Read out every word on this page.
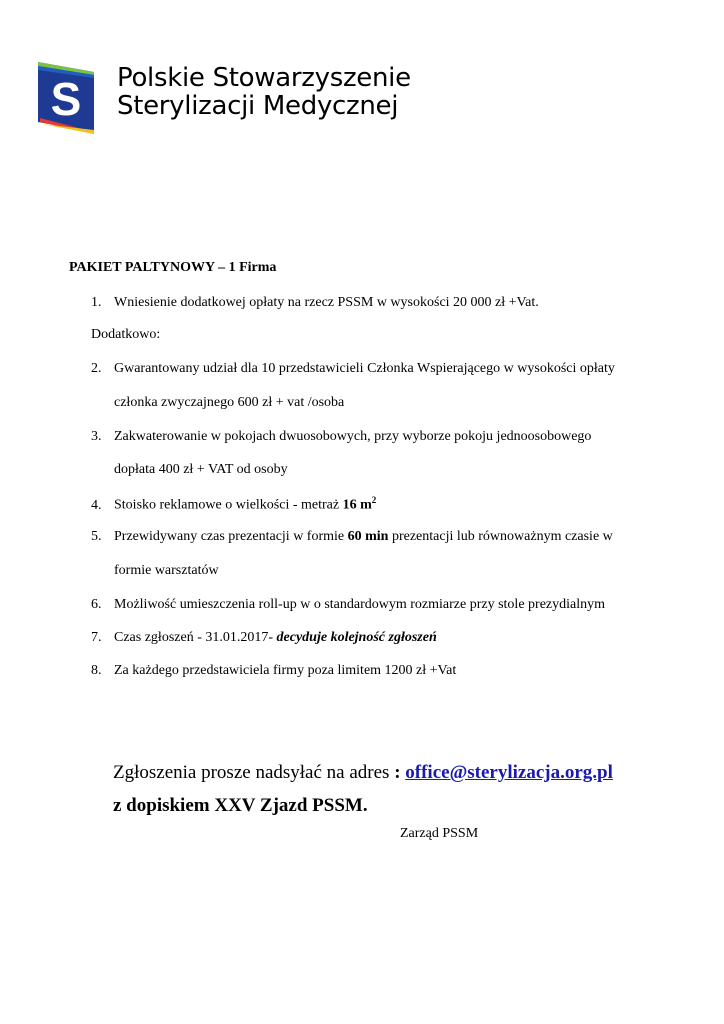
S Polskie Stowarzyszenie
Sterylizacji Medycznej
PAKIET PALTYNOWY – 1 Firma
1. Wniesienie dodatkowej opłaty na rzecz PSSM w wysokości 20 000 zł +Vat.
Dodatkowo:
2. Gwarantowany udział dla 10 przedstawicieli Członka Wspierającego w wysokości opłaty
członka zwyczajnego 600 zł + vat /osoba
3. Zakwaterowanie w pokojach dwuosobowych, przy wyborze pokoju jednoosobowego
dopłata 400 zł + VAT od osoby
4. Stoisko reklamowe o wielkości - metraż 16 $m^2$
5. Przewidywany czas prezentacji w formie 60 min prezentacji lub równoważnym czasie w
formie warsztatów
6. Możliwość umieszczenia roll-up w o standardowym rozmiarze przy stole prezydialnym
7. Czas zgłoszeń - 31.01.2017- decyduje kolejność zgłoszeń
8. Za każdego przedstawiciela firmy poza limitem 1200 zł +Vat
Zgłoszenia prosze nadsyłać na adres : office@sterylizacja.org.pl
z dopiskiem XXV Zjazd PSSM.
Zarząd PSSM
